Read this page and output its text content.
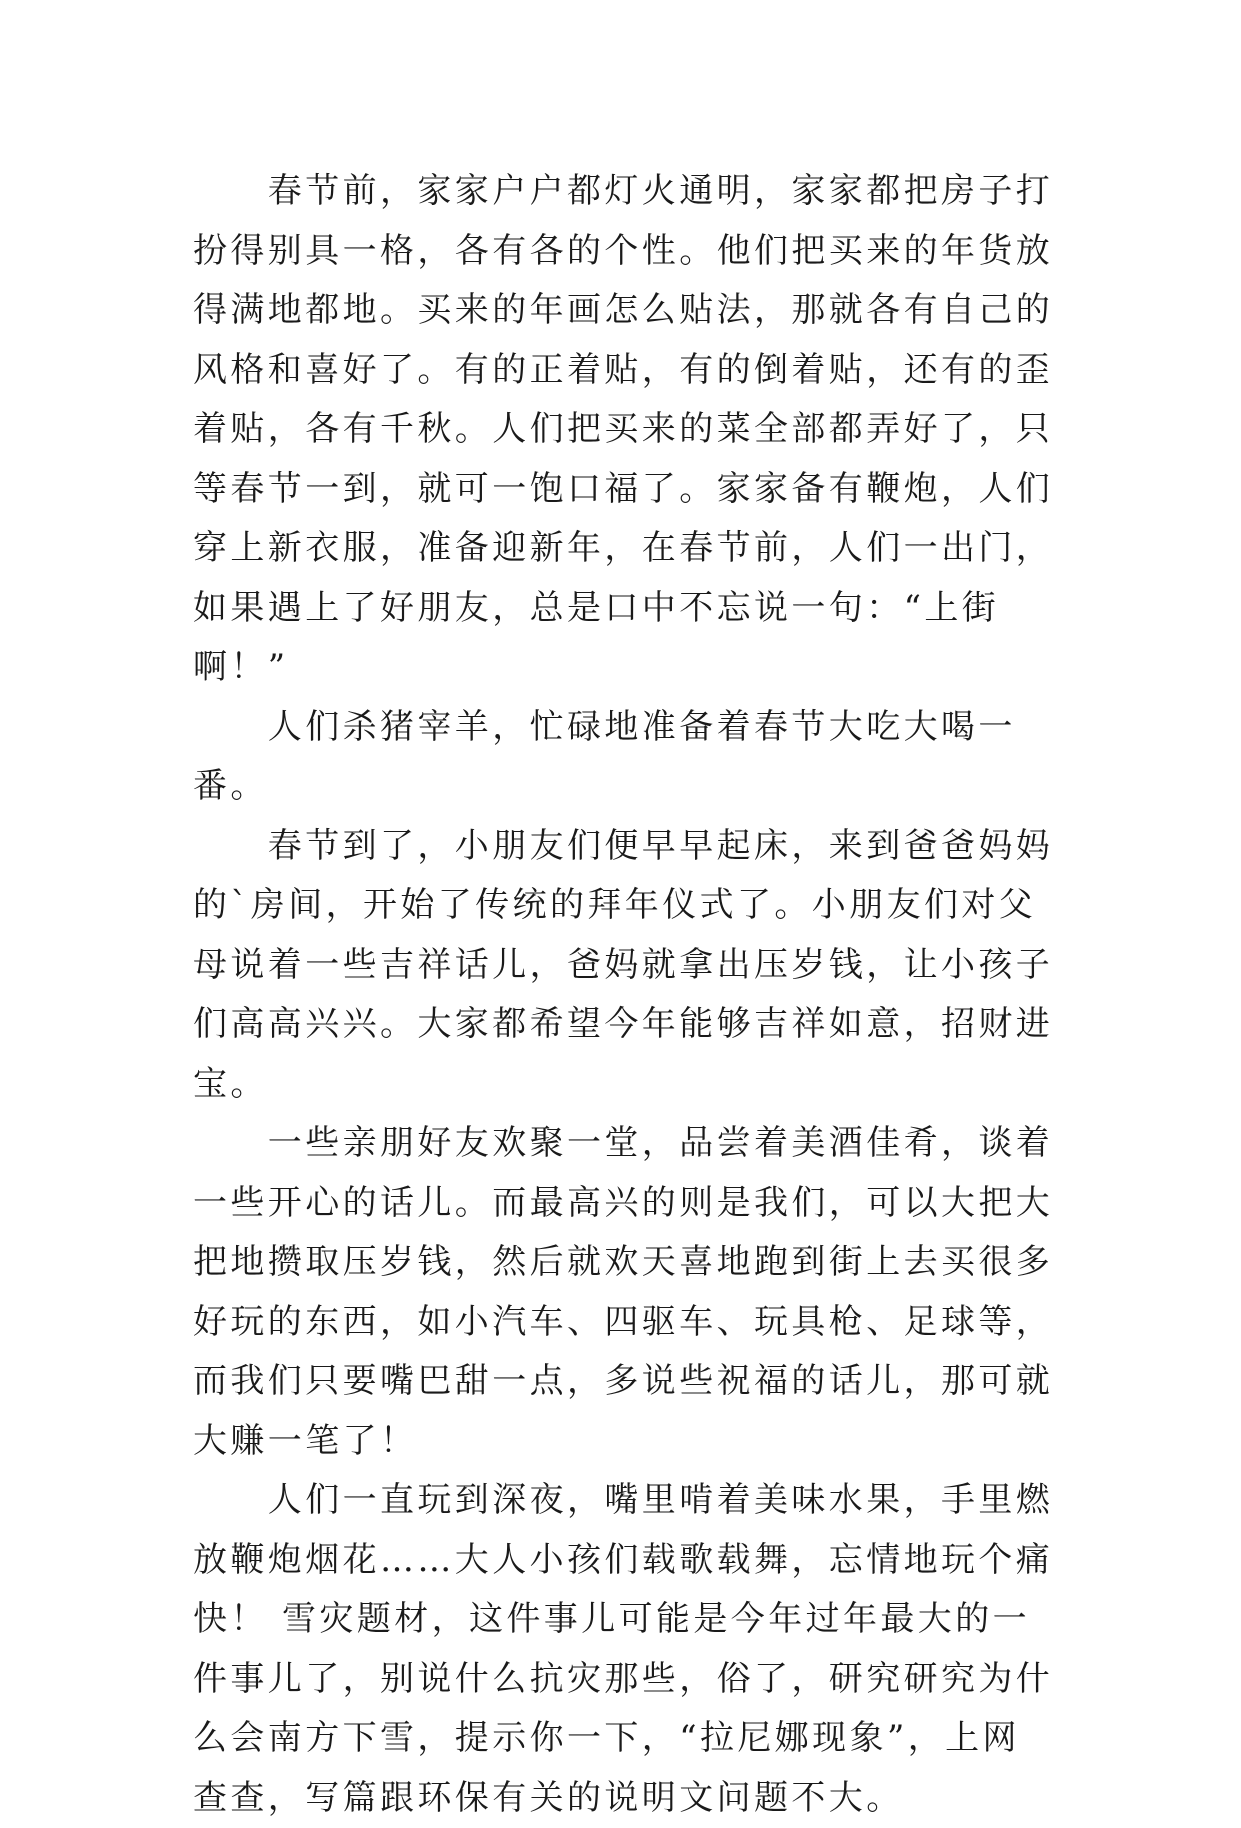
春节前，家家户户都灯火通明，家家都把房子打扮得别具一格，各有各的个性。他们把买来的年货放得满地都地。买来的年画怎么贴法，那就各有自己的风格和喜好了。有的正着贴，有的倒着贴，还有的歪着贴，各有千秋。人们把买来的菜全部都弄好了，只等春节一到，就可一饱口福了。家家备有鞭炮，人们穿上新衣服，准备迎新年，在春节前，人们一出门，如果遇上了好朋友，总是口中不忘说一句：“上街啊！”

人们杀猪宰羊，忙碌地准备着春节大吃大喝一番。

春节到了，小朋友们便早早起床，来到爸爸妈妈的`房间，开始了传统的拜年仪式了。小朋友们对父母说着一些吉祥话儿，爸妈就拿出压岁钱，让小孩子们高高兴兴。大家都希望今年能够吉祥如意，招财进宝。

一些亲朋好友欢聚一堂，品尝着美酒佳肴，谈着一些开心的话儿。而最高兴的则是我们，可以大把大把地攒取压岁钱，然后就欢天喜地跑到街上去买很多好玩的东西，如小汽车、四驱车、玩具枪、足球等，而我们只要嘴巴甜一点，多说些祝福的话儿，那可就大赚一笔了！

人们一直玩到深夜，嘴里啃着美味水果，手里燃放鞭炮烟花……大人小孩们载歌载舞，忘情地玩个痛快！ 雪灾题材，这件事儿可能是今年过年最大的一件事儿了，别说什么抗灾那些，俗了，研究研究为什么会南方下雪，提示你一下，“拉尼娜现象”，上网查查，写篇跟环保有关的说明文问题不大。
